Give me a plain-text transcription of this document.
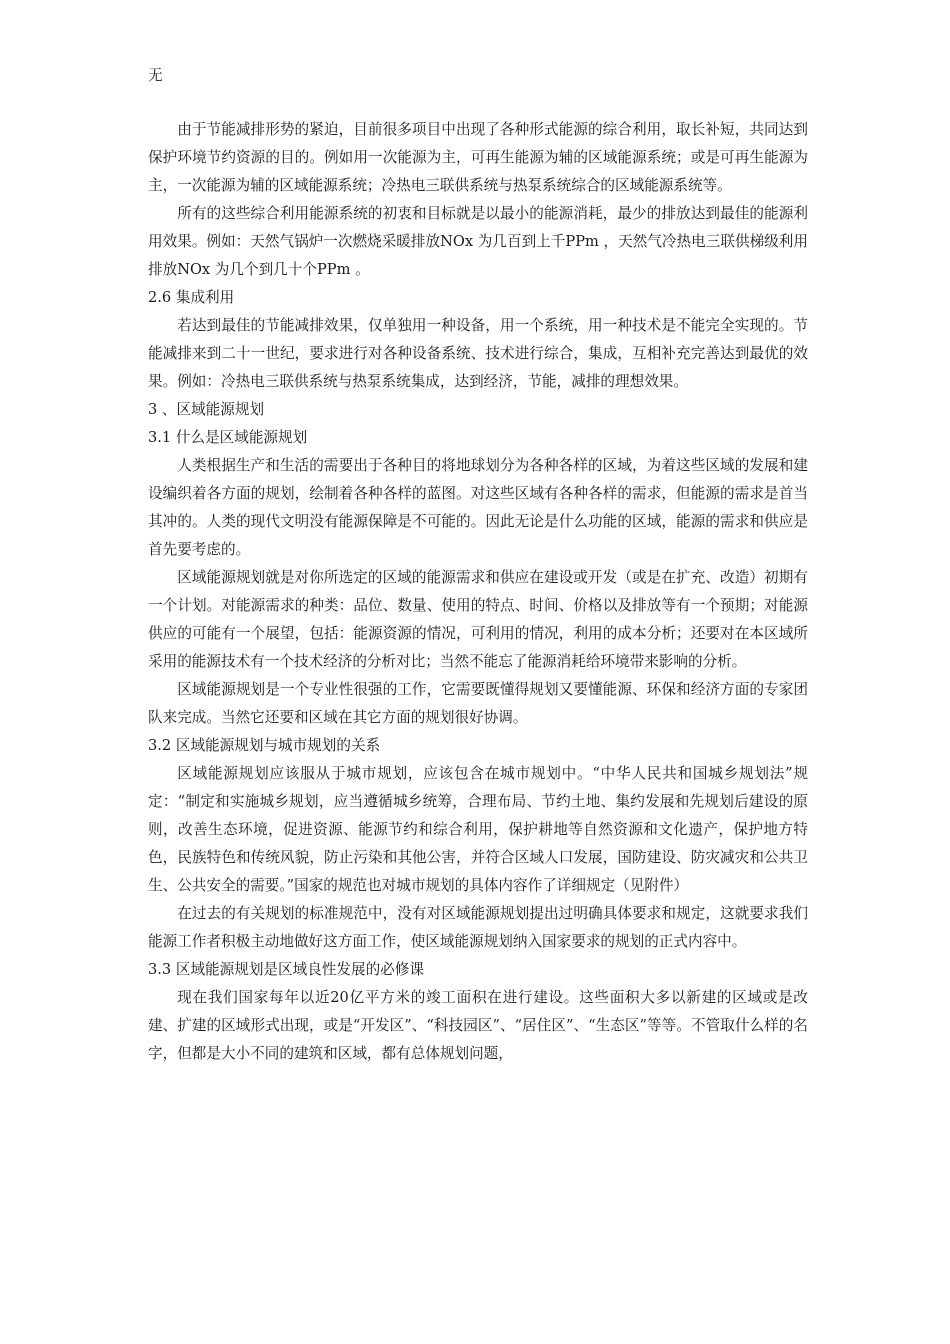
无

由于节能减排形势的紧迫，目前很多项目中出现了各种形式能源的综合利用，取长补短，共同达到保护环境节约资源的目的。例如用一次能源为主，可再生能源为辅的区域能源系统；或是可再生能源为主，一次能源为辅的区域能源系统；冷热电三联供系统与热泵系统综合的区域能源系统等。

所有的这些综合利用能源系统的初衷和目标就是以最小的能源消耗，最少的排放达到最佳的能源利用效果。例如：天然气锅炉一次燃烧采暖排放NOx 为几百到上千PPm ，天然气冷热电三联供梯级利用排放NOx 为几个到几十个PPm 。

2.6 集成利用

若达到最佳的节能减排效果，仅单独用一种设备，用一个系统，用一种技术是不能完全实现的。节能减排来到二十一世纪，要求进行对各种设备系统、技术进行综合，集成，互相补充完善达到最优的效果。例如：冷热电三联供系统与热泵系统集成，达到经济，节能，减排的理想效果。

3 、区域能源规划
3.1 什么是区域能源规划

人类根据生产和生活的需要出于各种目的将地球划分为各种各样的区域，为着这些区域的发展和建设编织着各方面的规划，绘制着各种各样的蓝图。对这些区域有各种各样的需求，但能源的需求是首当其冲的。人类的现代文明没有能源保障是不可能的。因此无论是什么功能的区域，能源的需求和供应是首先要考虑的。

区域能源规划就是对你所选定的区域的能源需求和供应在建设或开发（或是在扩充、改造）初期有一个计划。对能源需求的种类：品位、数量、使用的特点、时间、价格以及排放等有一个预期；对能源供应的可能有一个展望，包括：能源资源的情况，可利用的情况，利用的成本分析；还要对在本区域所采用的能源技术有一个技术经济的分析对比；当然不能忘了能源消耗给环境带来影响的分析。

区域能源规划是一个专业性很强的工作，它需要既懂得规划又要懂能源、环保和经济方面的专家团队来完成。当然它还要和区域在其它方面的规划很好协调。

3.2 区域能源规划与城市规划的关系

区域能源规划应该服从于城市规划，应该包含在城市规划中。“中华人民共和国城乡规划法”规定：“制定和实施城乡规划，应当遵循城乡统筹，合理布局、节约土地、集约发展和先规划后建设的原则，改善生态环境，促进资源、能源节约和综合利用，保护耕地等自然资源和文化遗产，保护地方特色，民族特色和传统风貌，防止污染和其他公害，并符合区域人口发展，国防建设、防灾减灾和公共卫生、公共安全的需要。”国家的规范也对城市规划的具体内容作了详细规定（见附件）

在过去的有关规划的标准规范中，没有对区域能源规划提出过明确具体要求和规定，这就要求我们能源工作者积极主动地做好这方面工作，使区域能源规划纳入国家要求的规划的正式内容中。

3.3 区域能源规划是区域良性发展的必修课

现在我们国家每年以近20亿平方米的竣工面积在进行建设。这些面积大多以新建的区域或是改建、扩建的区域形式出现，或是“开发区”、“科技园区”、“居住区”、“生态区”等等。不管取什么样的名字，但都是大小不同的建筑和区域，都有总体规划问题，
